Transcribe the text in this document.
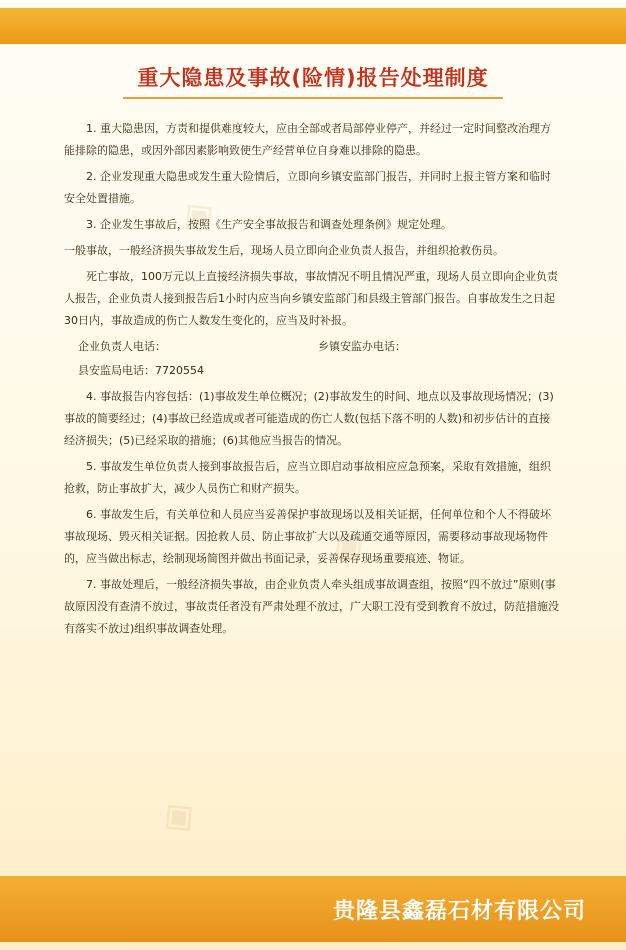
◈
◈
◈
重大隐患及事故(险情)报告处理制度

1. 重大隐患因，方责和提供难度较大，应由全部或者局部停业停产，并经过一定时间整改治理方能排除的隐患，或因外部因素影响致使生产经营单位自身难以排除的隐患。

2. 企业发现重大隐患或发生重大险情后，立即向乡镇安监部门报告，并同时上报主管方案和临时安全处置措施。

3. 企业发生事故后，按照《生产安全事故报告和调查处理条例》规定处理。

一般事故，一般经济损失事故发生后，现场人员立即向企业负责人报告，并组织抢救伤员。

死亡事故，100万元以上直接经济损失事故，事故情况不明且情况严重，现场人员立即向企业负责人报告，企业负责人接到报告后1小时内应当向乡镇安监部门和县级主管部门报告。自事故发生之日起30日内，事故造成的伤亡人数发生变化的，应当及时补报。

企业负责人电话：	乡镇安监办电话：

县安监局电话：7720554

4. 事故报告内容包括：(1)事故发生单位概况；(2)事故发生的时间、地点以及事故现场情况；(3)事故的简要经过；(4)事故已经造成或者可能造成的伤亡人数(包括下落不明的人数)和初步估计的直接经济损失；(5)已经采取的措施；(6)其他应当报告的情况。

5. 事故发生单位负责人接到事故报告后，应当立即启动事故相应应急预案，采取有效措施，组织抢救，防止事故扩大，减少人员伤亡和财产损失。

6. 事故发生后，有关单位和人员应当妥善保护事故现场以及相关证据，任何单位和个人不得破坏事故现场、毁灭相关证据。因抢救人员、防止事故扩大以及疏通交通等原因，需要移动事故现场物件的，应当做出标志，绘制现场简图并做出书面记录，妥善保存现场重要痕迹、物证。

7. 事故处理后，一般经济损失事故，由企业负责人牵头组成事故调查组，按照“四不放过”原则(事故原因没有查清不放过，事故责任者没有严肃处理不放过，广大职工没有受到教育不放过，防范措施没有落实不放过)组织事故调查处理。

贵隆县鑫磊石材有限公司
